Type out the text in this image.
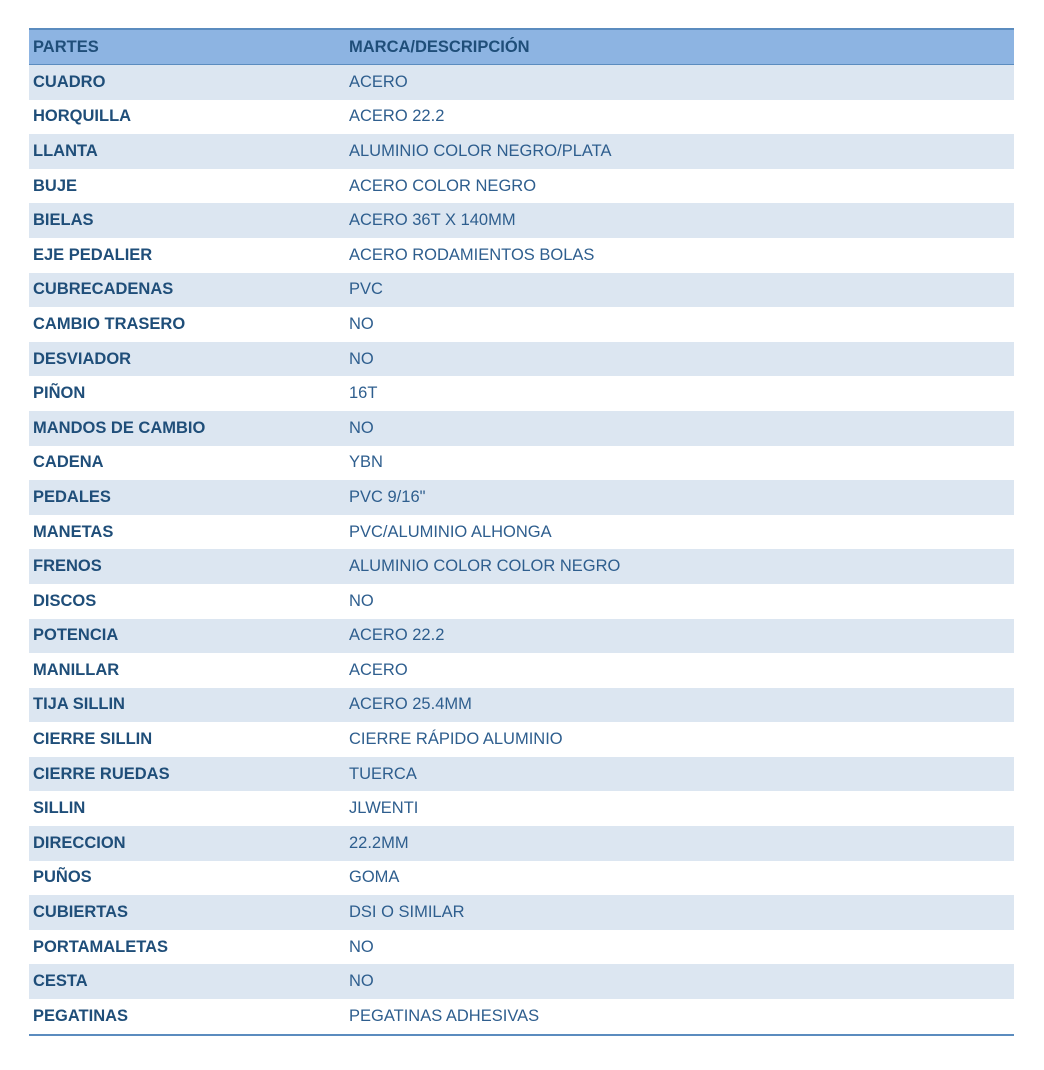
PARTES	MARCA/DESCRIPCIÓN
CUADRO	ACERO
HORQUILLA	ACERO 22.2
LLANTA	ALUMINIO COLOR NEGRO/PLATA
BUJE	ACERO COLOR NEGRO
BIELAS	ACERO 36T X 140MM
EJE PEDALIER	ACERO RODAMIENTOS BOLAS
CUBRECADENAS	PVC
CAMBIO TRASERO	NO
DESVIADOR	NO
PIÑON	16T
MANDOS DE CAMBIO	NO
CADENA	YBN
PEDALES	PVC 9/16"
MANETAS	PVC/ALUMINIO ALHONGA
FRENOS	ALUMINIO COLOR COLOR NEGRO
DISCOS	NO
POTENCIA	ACERO 22.2
MANILLAR	ACERO
TIJA SILLIN	ACERO 25.4MM
CIERRE SILLIN	CIERRE RÁPIDO ALUMINIO
CIERRE RUEDAS	TUERCA
SILLIN	JLWENTI
DIRECCION	22.2MM
PUÑOS	GOMA
CUBIERTAS	DSI O SIMILAR
PORTAMALETAS	NO
CESTA	NO
PEGATINAS	PEGATINAS ADHESIVAS
